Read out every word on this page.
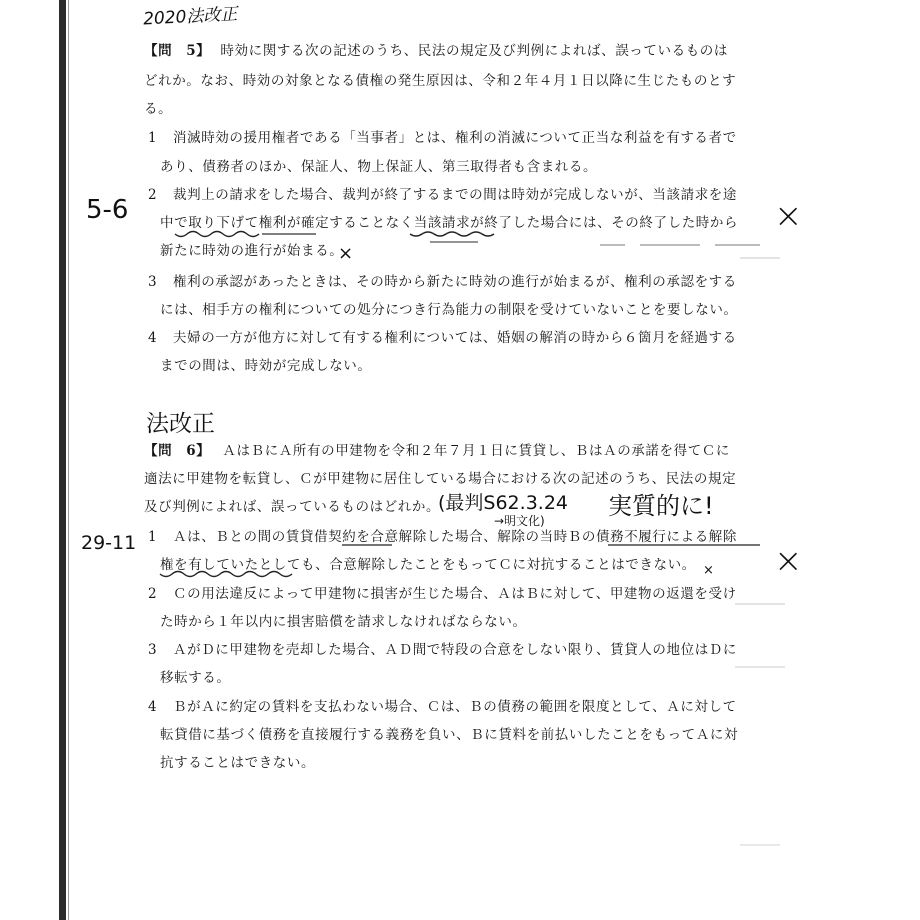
2020法改正
5-6
法改正
29-11
(最判S62.3.24
→明文化)
実質的に!
【問　5】 時効に関する次の記述のうち、民法の規定及び判例によれば、誤っているものは
どれか。なお、時効の対象となる債権の発生原因は、令和２年４月１日以降に生じたものとす
る。
1 消滅時効の援用権者である「当事者」とは、権利の消滅について正当な利益を有する者で
あり、債務者のほか、保証人、物上保証人、第三取得者も含まれる。
2 裁判上の請求をした場合、裁判が終了するまでの間は時効が完成しないが、当該請求を途
中で取り下げて権利が確定することなく当該請求が終了した場合には、その終了した時から
新たに時効の進行が始まる。
3 権利の承認があったときは、その時から新たに時効の進行が始まるが、権利の承認をする
には、相手方の権利についての処分につき行為能力の制限を受けていないことを要しない。
4 夫婦の一方が他方に対して有する権利については、婚姻の解消の時から６箇月を経過する
までの間は、時効が完成しない。
【問　6】 ＡはＢにＡ所有の甲建物を令和２年７月１日に賃貸し、ＢはＡの承諾を得てＣに
適法に甲建物を転貸し、Ｃが甲建物に居住している場合における次の記述のうち、民法の規定
及び判例によれば、誤っているものはどれか。
1 Ａは、Ｂとの間の賃貸借契約を合意解除した場合、解除の当時Ｂの債務不履行による解除
権を有していたとしても、合意解除したことをもってＣに対抗することはできない。
2 Ｃの用法違反によって甲建物に損害が生じた場合、ＡはＢに対して、甲建物の返還を受け
た時から１年以内に損害賠償を請求しなければならない。
3 ＡがＤに甲建物を売却した場合、ＡＤ間で特段の合意をしない限り、賃貸人の地位はＤに
移転する。
4 ＢがＡに約定の賃料を支払わない場合、Ｃは、Ｂの債務の範囲を限度として、Ａに対して
転貸借に基づく債務を直接履行する義務を負い、Ｂに賃料を前払いしたことをもってＡに対
抗することはできない。
×
×
×
×
